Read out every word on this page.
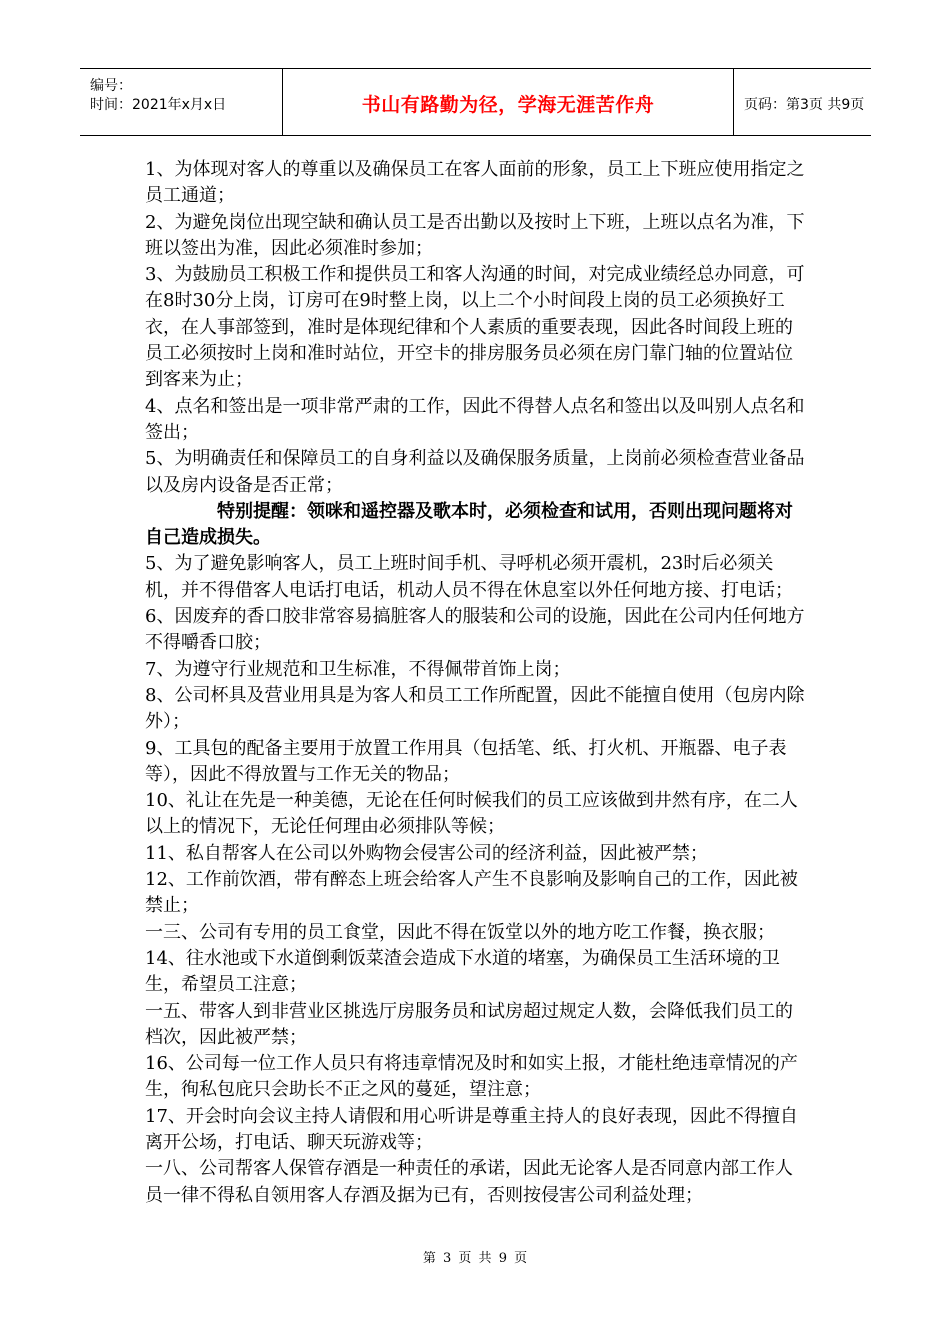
编号：
时间：2021年x月x日	书山有路勤为径，学海无涯苦作舟	页码：第3页 共9页

1、为体现对客人的尊重以及确保员工在客人面前的形象，员工上下班应使用指定之员工通道；

2、为避免岗位出现空缺和确认员工是否出勤以及按时上下班，上班以点名为准，下班以签出为准，因此必须准时参加；

3、为鼓励员工积极工作和提供员工和客人沟通的时间，对完成业绩经总办同意，可在8时30分上岗，订房可在9时整上岗，以上二个小时间段上岗的员工必须换好工衣，在人事部签到，准时是体现纪律和个人素质的重要表现，因此各时间段上班的员工必须按时上岗和准时站位，开空卡的排房服务员必须在房门靠门轴的位置站位到客来为止；

4、点名和签出是一项非常严肃的工作，因此不得替人点名和签出以及叫别人点名和签出；

5、为明确责任和保障员工的自身利益以及确保服务质量，上岗前必须检查营业备品以及房内设备是否正常；

特别提醒：领咪和遥控器及歌本时，必须检查和试用，否则出现问题将对自己造成损失。

5、为了避免影响客人，员工上班时间手机、寻呼机必须开震机，23时后必须关机，并不得借客人电话打电话，机动人员不得在休息室以外任何地方接、打电话；

6、因废弃的香口胶非常容易搞脏客人的服装和公司的设施，因此在公司内任何地方不得嚼香口胶；

7、为遵守行业规范和卫生标准，不得佩带首饰上岗；

8、公司杯具及营业用具是为客人和员工工作所配置，因此不能擅自使用（包房内除外）；

9、工具包的配备主要用于放置工作用具（包括笔、纸、打火机、开瓶器、电子表等），因此不得放置与工作无关的物品；

10、礼让在先是一种美德，无论在任何时候我们的员工应该做到井然有序，在二人以上的情况下，无论任何理由必须排队等候；

11、私自帮客人在公司以外购物会侵害公司的经济利益，因此被严禁；

12、工作前饮酒，带有醉态上班会给客人产生不良影响及影响自己的工作，因此被禁止；

一三、公司有专用的员工食堂，因此不得在饭堂以外的地方吃工作餐，换衣服；

14、往水池或下水道倒剩饭菜渣会造成下水道的堵塞，为确保员工生活环境的卫生，希望员工注意；

一五、带客人到非营业区挑选厅房服务员和试房超过规定人数，会降低我们员工的档次，因此被严禁；

16、公司每一位工作人员只有将违章情况及时和如实上报，才能杜绝违章情况的产生，徇私包庇只会助长不正之风的蔓延，望注意；

17、开会时向会议主持人请假和用心听讲是尊重主持人的良好表现，因此不得擅自离开公场，打电话、聊天玩游戏等；

一八、公司帮客人保管存酒是一种责任的承诺，因此无论客人是否同意内部工作人员一律不得私自领用客人存酒及据为已有，否则按侵害公司利益处理；

第 3 页 共 9 页
